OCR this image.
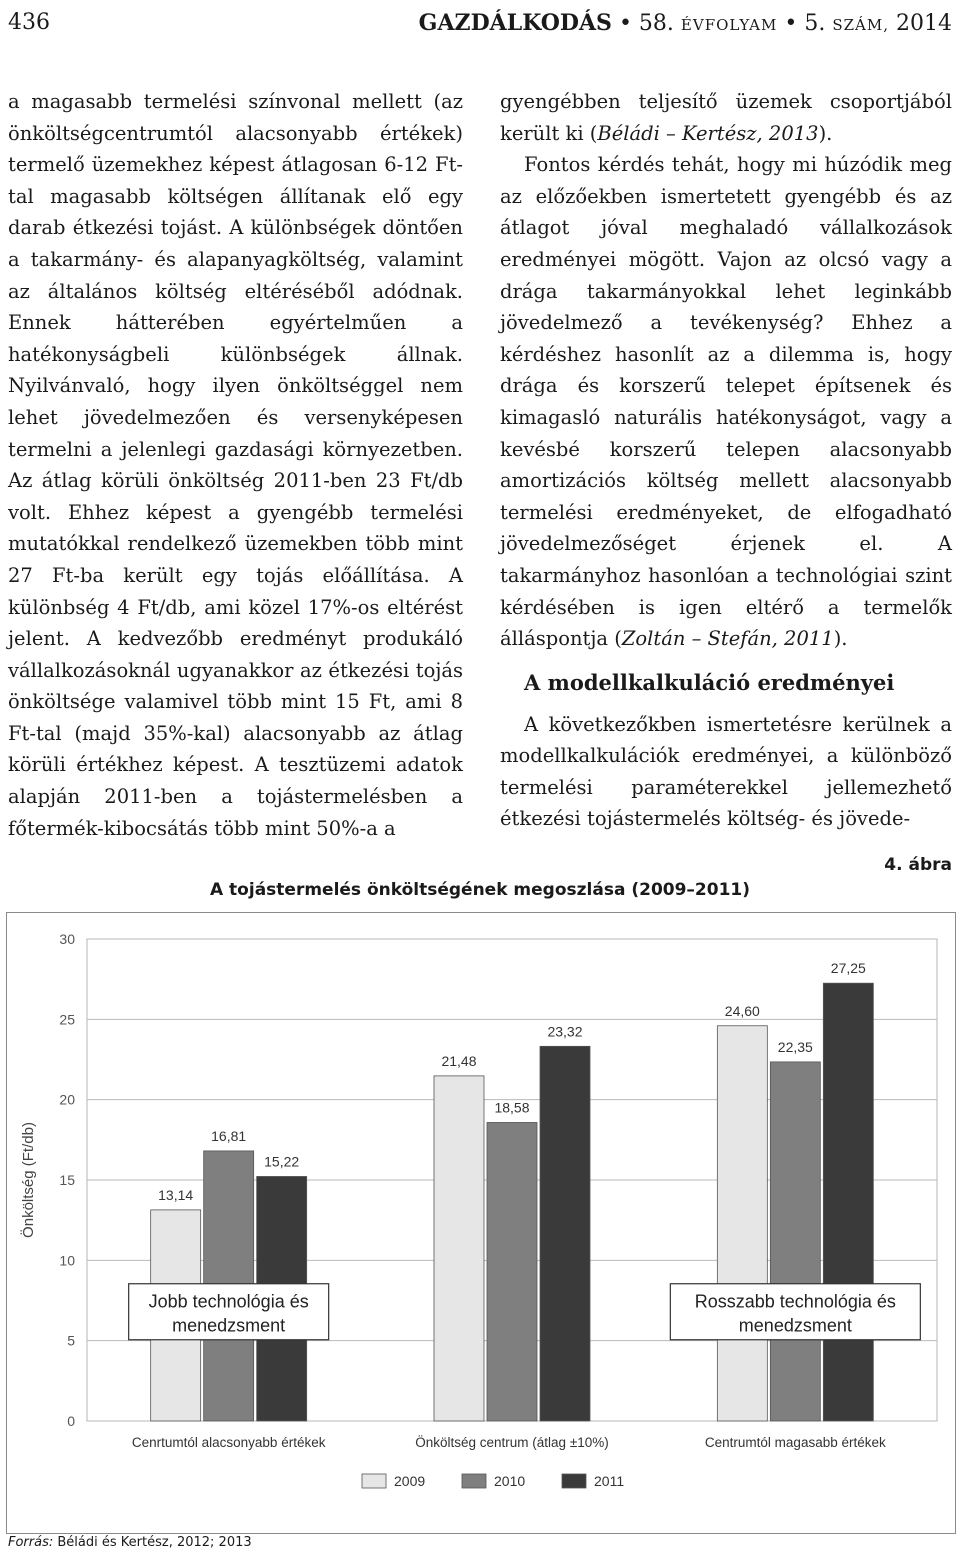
436	GAZDÁLKODÁS • 58. ÉVFOLYAM • 5. SZÁM, 2014

a magasabb termelési színvonal mellett (az önköltségcentrumtól alacsonyabb értékek) termelő üzemekhez képest átlagosan 6-12 Ft-tal magasabb költségen állítanak elő egy darab étkezési tojást. A különbségek döntően a takarmány- és alapanyagköltség, valamint az általános költség eltéréséből adódnak. Ennek hátterében egyértelműen a hatékonyságbeli különbségek állnak. Nyilvánvaló, hogy ilyen önköltséggel nem lehet jövedelmezően és versenyképesen termelni a jelenlegi gazdasági környezetben. Az átlag körüli önköltség 2011-ben 23 Ft/db volt. Ehhez képest a gyengébb termelési mutatókkal rendelkező üzemekben több mint 27 Ft-ba került egy tojás előállítása. A különbség 4 Ft/db, ami közel 17%-os eltérést jelent. A kedvezőbb eredményt produkáló vállalkozásoknál ugyanakkor az étkezési tojás önköltsége valamivel több mint 15 Ft, ami 8 Ft-tal (majd 35%-kal) alacsonyabb az átlag körüli értékhez képest. A tesztüzemi adatok alapján 2011-ben a tojástermelésben a főtermék-kibocsátás több mint 50%-a a

gyengébben teljesítő üzemek csoportjából került ki (Béládi – Kertész, 2013).

Fontos kérdés tehát, hogy mi húzódik meg az előzőekben ismertetett gyengébb és az átlagot jóval meghaladó vállalkozások eredményei mögött. Vajon az olcsó vagy a drága takarmányokkal lehet leginkább jövedelmező a tevékenység? Ehhez a kérdéshez hasonlít az a dilemma is, hogy drága és korszerű telepet építsenek és kimagasló naturális hatékonyságot, vagy a kevésbé korszerű telepen alacsonyabb amortizációs költség mellett alacsonyabb termelési eredményeket, de elfogadható jövedelmezőséget érjenek el. A takarmányhoz hasonlóan a technológiai szint kérdésében is igen eltérő a termelők álláspontja (Zoltán – Stefán, 2011).

A modellkalkuláció eredményei

A következőkben ismertetésre kerülnek a modellkalkulációk eredményei, a különböző termelési paraméterekkel jellemezhető étkezési tojástermelés költség- és jövede-

4. ábra
A tojástermelés önköltségének megoszlása (2009–2011)
0
5
10
15
20
25
30
Önköltség (Ft/db)	13,14
16,81
15,22
Cenrtumtól alacsonyabb értékek
21,48
18,58
23,32
Önköltség centrum (átlag ±10%)
24,60
22,35
27,25
Centrumtól magasabb értékek
Jobb technológia és
menedzsment
Rosszabb technológia és
menedzsment
2009	2010	2011
Forrás: Béládi és Kertész, 2012; 2013
